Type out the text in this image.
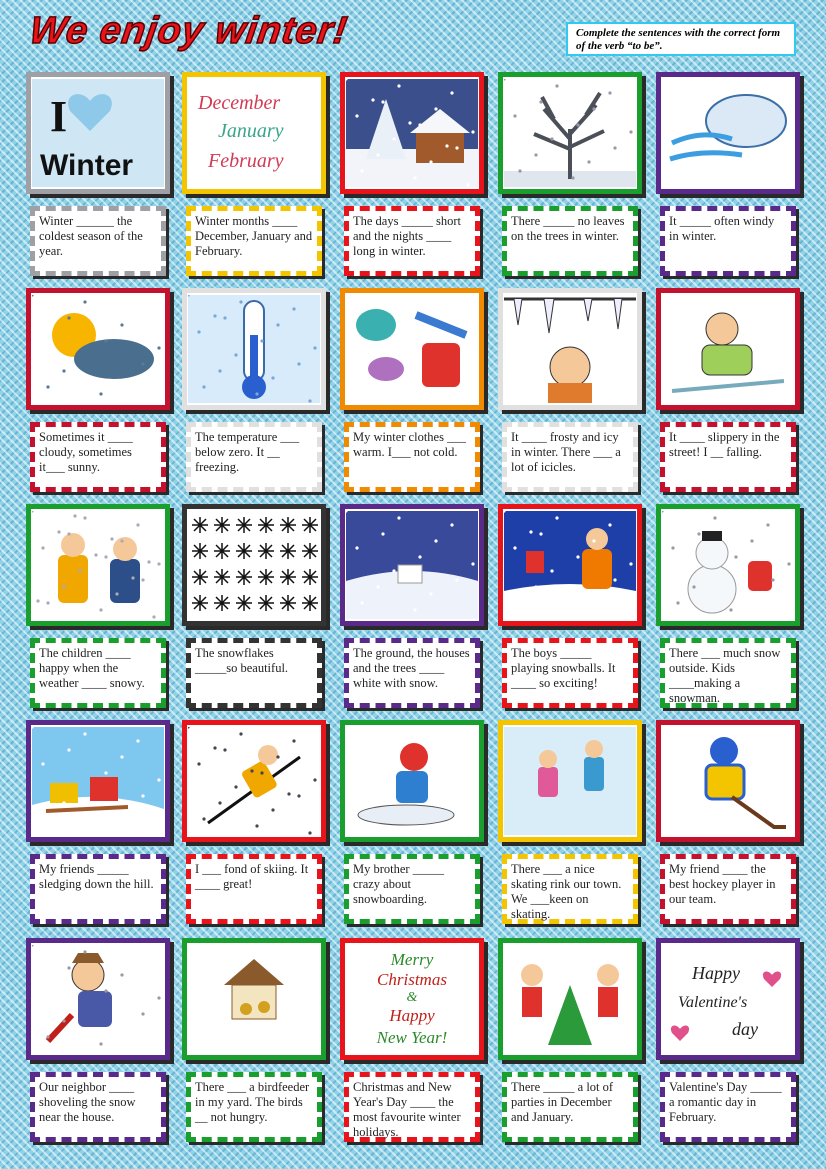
We enjoy winter!	Complete the sentences with the correct form of the verb “to be”.
I
Winter
Winter ______ the coldest season of the year.
December
January
February
Winter months ____ December, January and February.
The days _____ short and the nights ____ long in winter.
There _____ no leaves on the trees in winter.
It _____ often windy in winter.
Sometimes it ____ cloudy, sometimes it___ sunny.
The temperature ___ below zero. It __ freezing.
My winter clothes ___ warm. I___ not cold.
It ____ frosty and icy in winter. There ___ a lot of icicles.
It ____ slippery in the street! I __ falling.
The children ____ happy when the weather ____ snowy.
The snowflakes _____so beautiful.
The ground, the houses and the trees ____ white with snow.
The boys _____ playing snowballs. It ____ so exciting!
There ___ much snow outside. Kids ____making a snowman.
My friends _____ sledging down the hill.
I ___ fond of skiing. It ____ great!
My brother _____ crazy about snowboarding.
There ___ a nice skating rink our town. We ___keen on skating.
My friend ____ the best hockey player in our team.
Our neighbor ____ shoveling the snow near the house.
There ___ a birdfeeder in my yard. The birds __ not hungry.
Merry
Christmas
&
Happy
New Year!
Christmas and New Year's Day ____ the most favourite winter holidays.
There _____ a lot of parties in December and January.
Happy
Valentine's
day
Valentine's Day _____ a romantic day in February.
